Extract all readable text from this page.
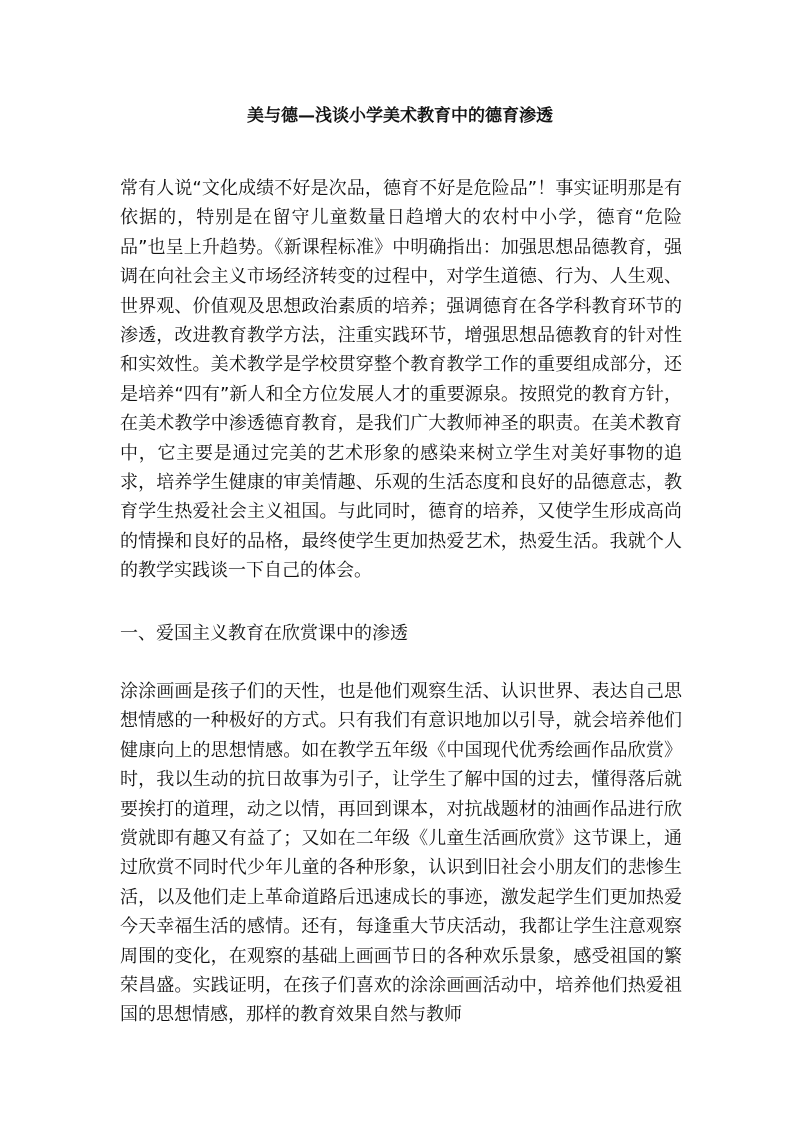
美与德—浅谈小学美术教育中的德育渗透

常有人说“文化成绩不好是次品，德育不好是危险品”！事实证明那是有依据的，特别是在留守儿童数量日趋增大的农村中小学，德育“危险品”也呈上升趋势。《新课程标准》中明确指出：加强思想品德教育，强调在向社会主义市场经济转变的过程中，对学生道德、行为、人生观、世界观、价值观及思想政治素质的培养；强调德育在各学科教育环节的渗透，改进教育教学方法，注重实践环节，增强思想品德教育的针对性和实效性。美术教学是学校贯穿整个教育教学工作的重要组成部分，还是培养“四有”新人和全方位发展人才的重要源泉。按照党的教育方针，在美术教学中渗透德育教育，是我们广大教师神圣的职责。在美术教育中，它主要是通过完美的艺术形象的感染来树立学生对美好事物的追求，培养学生健康的审美情趣、乐观的生活态度和良好的品德意志，教育学生热爱社会主义祖国。与此同时，德育的培养，又使学生形成高尚的情操和良好的品格，最终使学生更加热爱艺术，热爱生活。我就个人的教学实践谈一下自己的体会。

一、爱国主义教育在欣赏课中的渗透

涂涂画画是孩子们的天性，也是他们观察生活、认识世界、表达自己思想情感的一种极好的方式。只有我们有意识地加以引导，就会培养他们健康向上的思想情感。如在教学五年级《中国现代优秀绘画作品欣赏》时，我以生动的抗日故事为引子，让学生了解中国的过去，懂得落后就要挨打的道理，动之以情，再回到课本，对抗战题材的油画作品进行欣赏就即有趣又有益了；又如在二年级《儿童生活画欣赏》这节课上，通过欣赏不同时代少年儿童的各种形象，认识到旧社会小朋友们的悲惨生活，以及他们走上革命道路后迅速成长的事迹，激发起学生们更加热爱今天幸福生活的感情。还有，每逢重大节庆活动，我都让学生注意观察周围的变化，在观察的基础上画画节日的各种欢乐景象，感受祖国的繁荣昌盛。实践证明，在孩子们喜欢的涂涂画画活动中，培养他们热爱祖国的思想情感，那样的教育效果自然与教师
